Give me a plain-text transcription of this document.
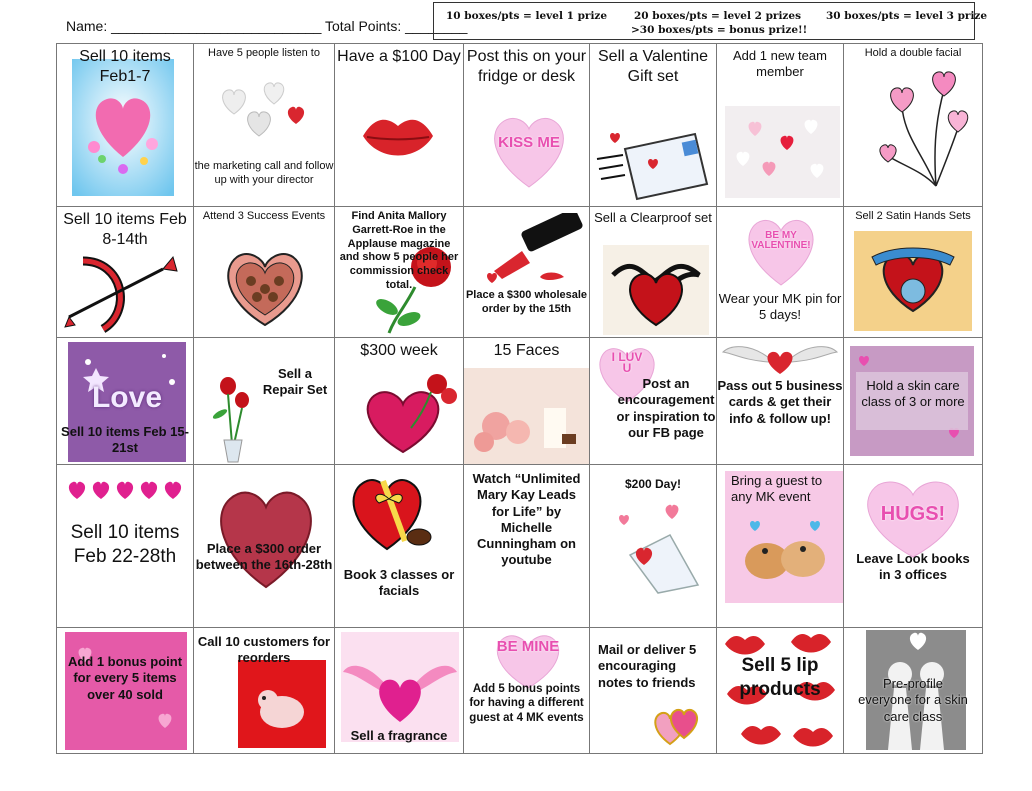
Name: ___________________________ Total Points: ________
10 boxes/pts = level 1 prize	20 boxes/pts = level 2 prizes 30 boxes/pts = level 3 prize
>30 boxes/pts = bonus prize!!
Sell 10 items Feb1-7
Have 5 people listen to
the marketing call and follow up with your director
Have a $100 Day Post this on your fridge or desk
KISS ME
Sell a Valentine Gift set
Add 1 new team member
Hold a double facial
Sell 10 items Feb 8-14th
Attend 3 Success Events	Find Anita Mallory Garrett-Roe in the Applause magazine and show 5 people her commission check total.
Place a $300 wholesale order by the 15th
Sell a Clearproof set
BE MY VALENTINE!
Wear your MK pin for 5 days!
Sell 2 Satin Hands Sets
Love
Sell 10 items Feb 15-21st
Sell a Repair Set
$300 week	15 Faces	I LUV U
Post an encouragement or inspiration to our FB page
Pass out 5 business cards & get their info & follow up!
Hold a skin care class of 3 or more
Sell 10 items Feb 22-28th	Place a $300 order between the 16th-28th
Book 3 classes or facials
Watch “Unlimited Mary Kay Leads for Life” by Michelle Cunningham on youtube
$200 Day!	Bring a guest to any MK event
HUGS!
Leave Look books in 3 offices
Add 1 bonus point for every 5 items over 40 sold
Call 10 customers for reorders
Sell a fragrance
BE MINE
Add 5 bonus points for having a different guest at 4 MK events
Mail or deliver 5 encouraging notes to friends
Sell 5 lip products	Pre-profile everyone for a skin care class
